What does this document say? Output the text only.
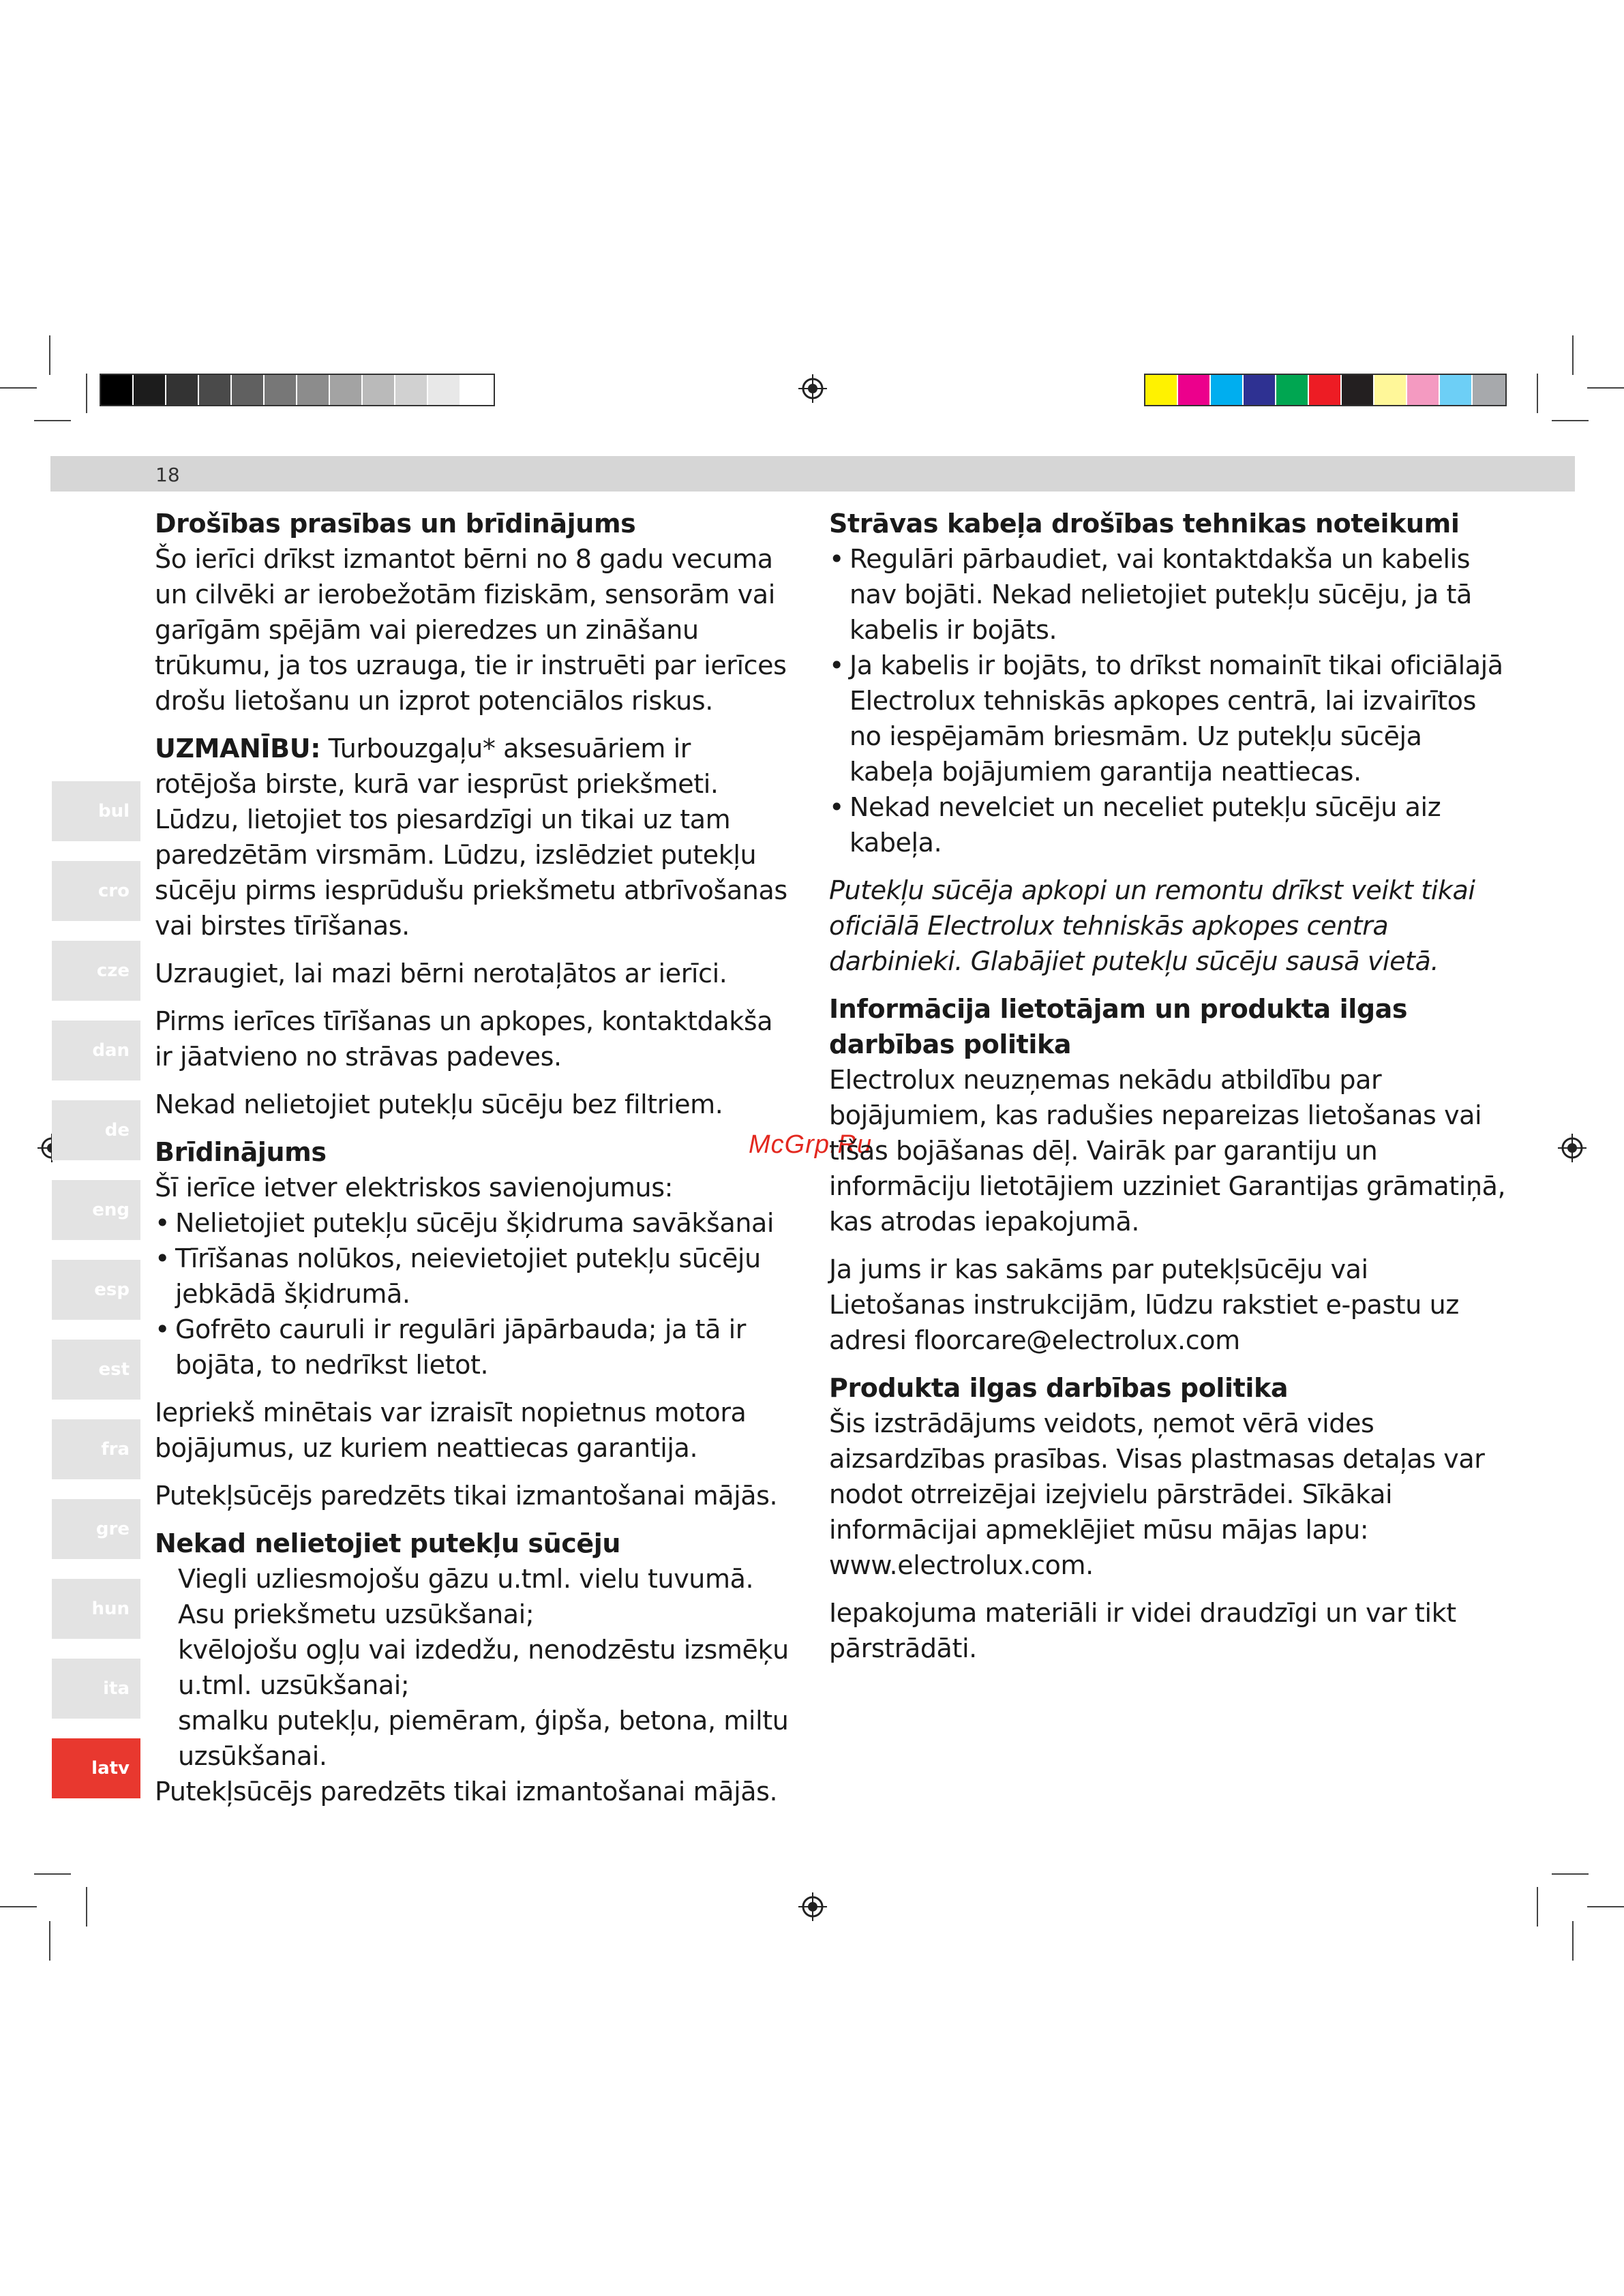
18
bul
cro
cze
dan
de
eng
esp
est
fra
gre
hun
ita
latv
McGrp.Ru
Drošības prasības un brīdinājums

Šo ierīci drīkst izmantot bērni no 8 gadu vecuma un cilvēki ar ierobežotām fiziskām, sensorām vai garīgām spējām vai pieredzes un zināšanu trūkumu, ja tos uzrauga, tie ir instruēti par ierīces drošu lietošanu un izprot potenciālos riskus.

UZMANĪBU: Turbouzgaļu* aksesuāriem ir rotējoša birste, kurā var iesprūst priekšmeti. Lūdzu, lietojiet tos piesardzīgi un tikai uz tam paredzētām virsmām. Lūdzu, izslēdziet putekļu sūcēju pirms iesprūdušu priekšmetu atbrīvošanas vai birstes tīrīšanas.

Uzraugiet, lai mazi bērni nerotaļātos ar ierīci.

Pirms ierīces tīrīšanas un apkopes, kontaktdakša ir jāatvieno no strāvas padeves.

Nekad nelietojiet putekļu sūcēju bez filtriem.

Brīdinājums

Šī ierīce ietver elektriskos savienojumus:

• Nelietojiet putekļu sūcēju šķidruma savākšanai
• Tīrīšanas nolūkos, neievietojiet putekļu sūcēju jebkādā šķidrumā.
• Gofrēto cauruli ir regulāri jāpārbauda; ja tā ir bojāta, to nedrīkst lietot.

Iepriekš minētais var izraisīt nopietnus motora bojājumus, uz kuriem neattiecas garantija.

Putekļsūcējs paredzēts tikai izmantošanai mājās.

Nekad nelietojiet putekļu sūcēju

Viegli uzliesmojošu gāzu u.tml. vielu tuvumā.

Asu priekšmetu uzsūkšanai;

kvēlojošu ogļu vai izdedžu, nenodzēstu izsmēķu u.tml. uzsūkšanai;

smalku putekļu, piemēram, ģipša, betona, miltu uzsūkšanai.

Putekļsūcējs paredzēts tikai izmantošanai mājās.

Strāvas kabeļa drošības tehnikas noteikumi
• Regulāri pārbaudiet, vai kontaktdakša un kabelis nav bojāti. Nekad nelietojiet putekļu sūcēju, ja tā kabelis ir bojāts.
• Ja kabelis ir bojāts, to drīkst nomainīt tikai oficiālajā Electrolux tehniskās apkopes centrā, lai izvairītos no iespējamām briesmām. Uz putekļu sūcēja kabeļa bojājumiem garantija neattiecas.
• Nekad nevelciet un neceliet putekļu sūcēju aiz kabeļa.

Putekļu sūcēja apkopi un remontu drīkst veikt tikai oficiālā Electrolux tehniskās apkopes centra darbinieki. Glabājiet putekļu sūcēju sausā vietā.

Informācija lietotājam un produkta ilgas darbības politika

Electrolux neuzņemas nekādu atbildību par bojājumiem, kas radušies nepareizas lietošanas vai tīšas bojāšanas dēļ. Vairāk par garantiju un informāciju lietotājiem uzziniet Garantijas grāmatiņā, kas atrodas iepakojumā.

Ja jums ir kas sakāms par putekļsūcēju vai Lietošanas instrukcijām, lūdzu rakstiet e-pastu uz adresi floorcare@electrolux.com

Produkta ilgas darbības politika

Šis izstrādājums veidots, ņemot vērā vides aizsardzības prasības. Visas plastmasas detaļas var nodot otrreizējai izejvielu pārstrādei. Sīkākai informācijai apmeklējiet mūsu mājas lapu: www.electrolux.com.

Iepakojuma materiāli ir videi draudzīgi un var tikt pārstrādāti.
